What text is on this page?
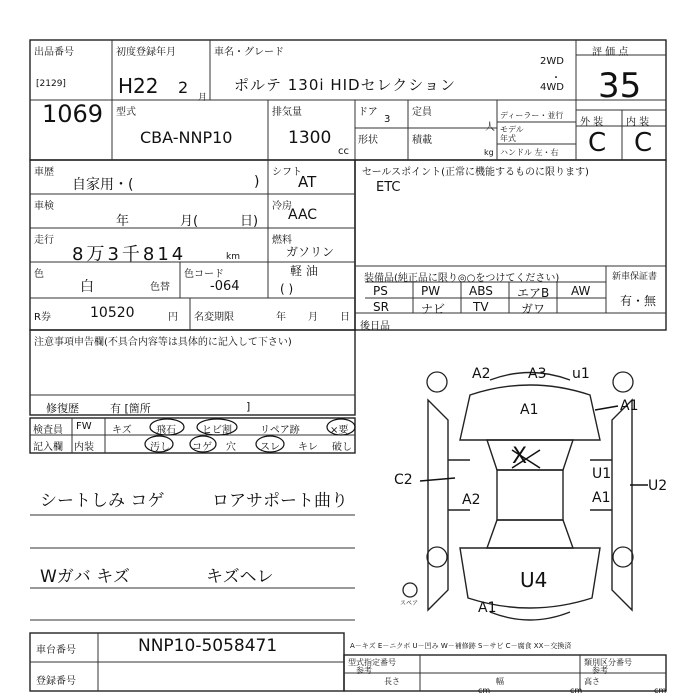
出品番号
[2129]
1069
初度登録年月
H22 2
月
車名・グレード
ポルテ 130i HIDセレクション
2WD
・
4WD
評 価 点
35
型式
CBA-NNP10
排気量
1300
cc
ドア
3
定員
人
形状	積載
kg
ディーラー・並行
モデル
年式
ハンドル 左・右
外 装 内 装
C C
車歴
自家用・(	)
シフト
AT
車検
年	月(	日)
冷房
AAC
走行
8万3千814	km
燃料
ガソリン
軽 油
( )
色
白	色替
色コード
-064
R券	10520	円 名変期限	年 月 日
セールスポイント(正常に機能するものに限ります)
ETC
装備品(純正品に限り◎○をつけてください)	新車保証書
有・無
PS	PW ABS エアB AW
SR	ナビ TV	ガワ
後日品
注意事項申告欄(不具合内容等は具体的に記入して下さい)
修復歴	有 [箇所	]
検査員
記入欄
FW
内装
キズ 飛石	ヒビ割	リペア跡	×要
汚し コゲ 穴 スレ キレ 破し
シートしみ コゲ	ロアサポート曲り
Wガバ キズ	キズヘレ
A2	A3 u1
A1	A1
X
C2
A2
U1
A1
U2
U4
A1
スペア
A－キズ E－ニクボ U－凹み W－補修跡 S－サビ C－腐食 XX－交換済
車台番号	NNP10-5058471
登録番号
型式指定番号
参考
類別区分番号
参考
長さ
cm
幅
cm
高さ
cm
